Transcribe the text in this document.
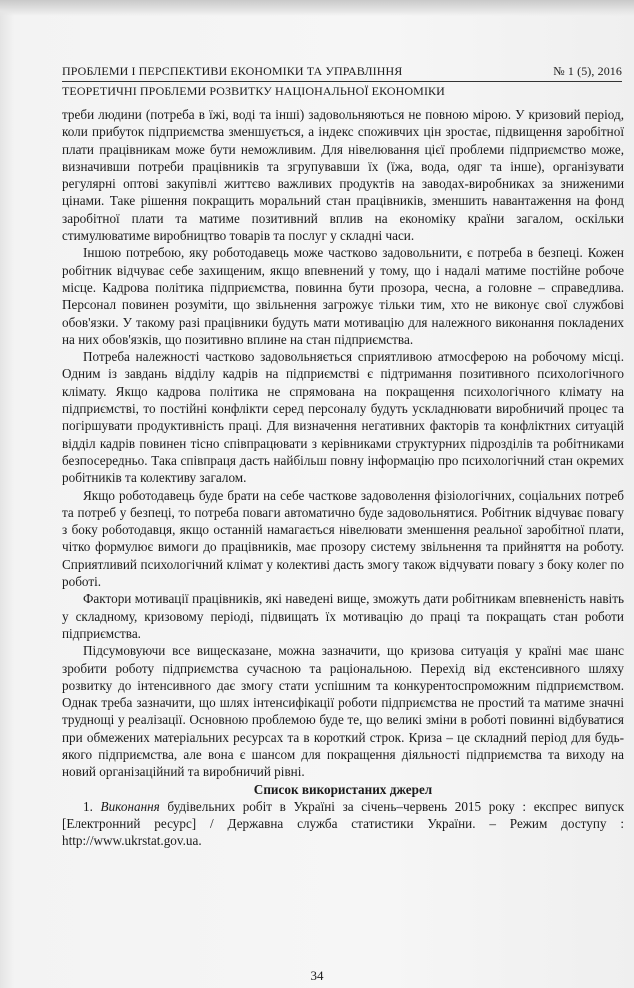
ПРОБЛЕМИ І ПЕРСПЕКТИВИ ЕКОНОМІКИ ТА УПРАВЛІННЯ	№ 1 (5), 2016
ТЕОРЕТИЧНІ ПРОБЛЕМИ РОЗВИТКУ НАЦІОНАЛЬНОЇ ЕКОНОМІКИ

треби людини (потреба в їжі, воді та інші) задовольняються не повною мірою. У кризовий період, коли прибуток підприємства зменшується, а індекс споживчих цін зростає, підвищення заробітної плати працівникам може бути неможливим. Для нівелювання цієї проблеми підприємство може, визначивши потреби працівників та згрупувавши їх (їжа, вода, одяг та інше), організувати регулярні оптові закупівлі життєво важливих продуктів на заводах-виробниках за зниженими цінами. Таке рішення покращить моральний стан працівників, зменшить навантаження на фонд заробітної плати та матиме позитивний вплив на економіку країни загалом, оскільки стимулюватиме виробництво товарів та послуг у складні часи.

Іншою потребою, яку роботодавець може частково задовольнити, є потреба в безпеці. Кожен робітник відчуває себе захищеним, якщо впевнений у тому, що і надалі матиме постійне робоче місце. Кадрова політика підприємства, повинна бути прозора, чесна, а головне – справедлива. Персонал повинен розуміти, що звільнення загрожує тільки тим, хто не виконує свої службові обов'язки. У такому разі працівники будуть мати мотивацію для належного виконання покладених на них обов'язків, що позитивно вплине на стан підприємства.

Потреба належності частково задовольняється сприятливою атмосферою на робочому місці. Одним із завдань відділу кадрів на підприємстві є підтримання позитивного психологічного клімату. Якщо кадрова політика не спрямована на покращення психологічного клімату на підприємстві, то постійні конфлікти серед персоналу будуть ускладнювати виробничий процес та погіршувати продуктивність праці. Для визначення негативних факторів та конфліктних ситуацій відділ кадрів повинен тісно співпрацювати з керівниками структурних підрозділів та робітниками безпосередньо. Така співпраця дасть найбільш повну інформацію про психологічний стан окремих робітників та колективу загалом.

Якщо роботодавець буде брати на себе часткове задоволення фізіологічних, соціальних потреб та потреб у безпеці, то потреба поваги автоматично буде задовольнятися. Робітник відчуває повагу з боку роботодавця, якщо останній намагається нівелювати зменшення реальної заробітної плати, чітко формулює вимоги до працівників, має прозору систему звільнення та прийняття на роботу. Сприятливий психологічний клімат у колективі дасть змогу також відчувати повагу з боку колег по роботі.

Фактори мотивації працівників, які наведені вище, зможуть дати робітникам впевненість навіть у складному, кризовому періоді, підвищать їх мотивацію до праці та покращать стан роботи підприємства.

Підсумовуючи все вищесказане, можна зазначити, що кризова ситуація у країні має шанс зробити роботу підприємства сучасною та раціональною. Перехід від екстенсивного шляху розвитку до інтенсивного дає змогу стати успішним та конкурентоспроможним підприємством. Однак треба зазначити, що шлях інтенсифікації роботи підприємства не простий та матиме значні труднощі у реалізації. Основною проблемою буде те, що великі зміни в роботі повинні відбуватися при обмежених матеріальних ресурсах та в короткий строк. Криза – це складний період для будь-якого підприємства, але вона є шансом для покращення діяльності підприємства та виходу на новий організаційний та виробничий рівні.

Список використаних джерел

1. Виконання будівельних робіт в Україні за січень–червень 2015 року : експрес випуск [Електронний ресурс] / Державна служба статистики України. – Режим доступу : http://www.ukrstat.gov.ua.

34
